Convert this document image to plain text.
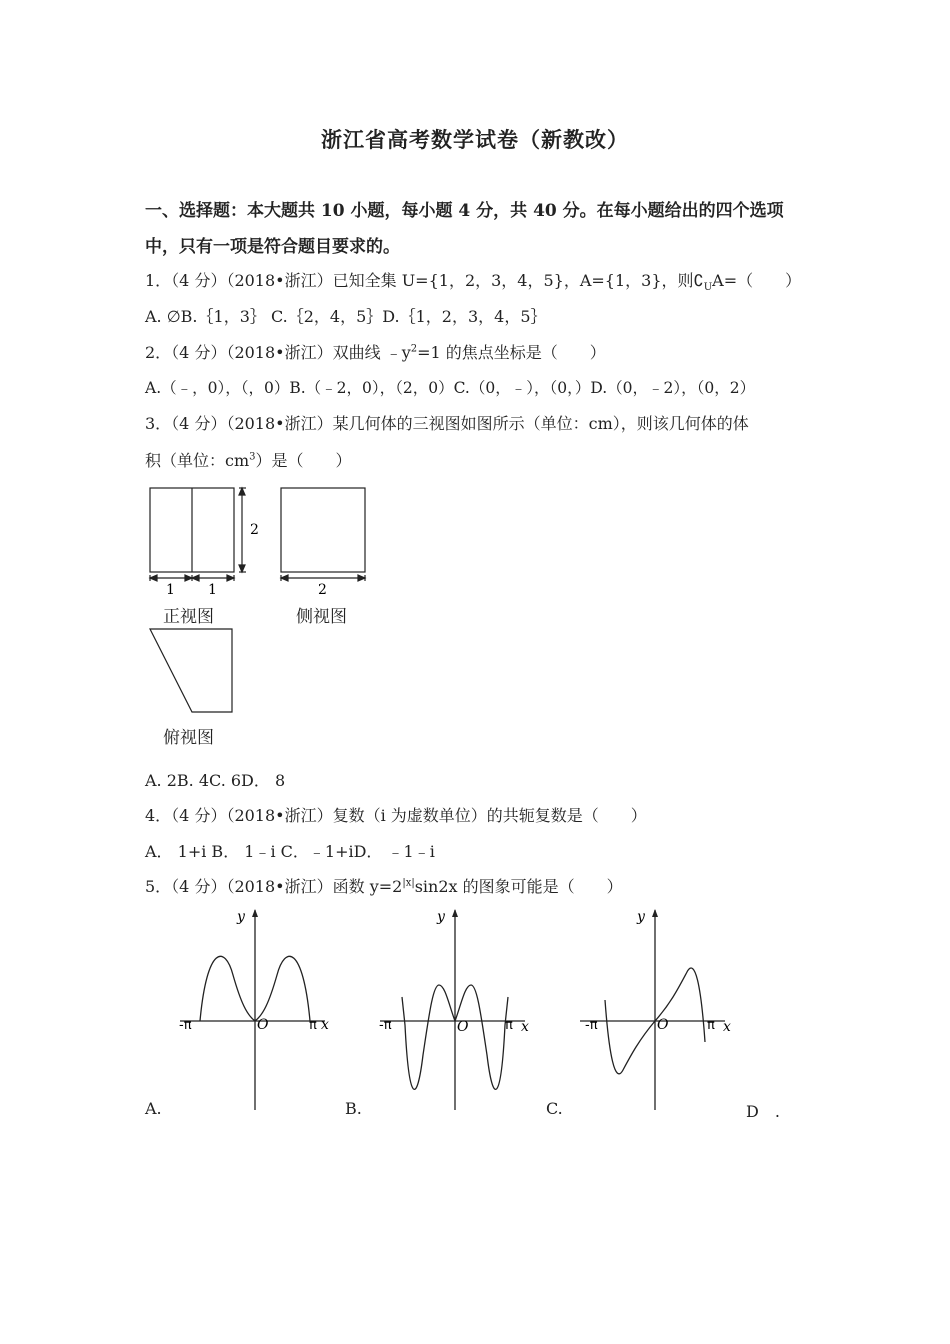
浙江省高考数学试卷（新教改）
一、选择题：本大题共 10 小题，每小题 4 分，共 40 分。在每小题给出的四个选项
中，只有一项是符合题目要求的。
1．（4 分）（2018•浙江）已知全集 U={1，2，3，4，5}，A={1，3}，则$∁_UA=$（　　）
A. ∅B.｛1，3｝ C.｛2，4，5｝D.｛1，2，3，4，5｝
2．（4 分）（2018•浙江）双曲线 $﹣y^2=1$ 的焦点坐标是（　　）
A.（﹣，0），（，0）B.（﹣2，0），（2，0）C.（0，﹣），（0，）D.（0，﹣2），（0，2）
3．（4 分）（2018•浙江）某几何体的三视图如图所示（单位：cm），则该几何体的体
积（单位：$cm^3$）是（　　）
2
1 1	2
正视图	侧视图
俯视图
A. 2B. 4C. 6D． 8
4．（4 分）（2018•浙江）复数（i 为虚数单位）的共轭复数是（　　）
A． 1+i B． 1﹣i C．﹣1+iD． ﹣1﹣i
5．（4 分）（2018•浙江）函数 $y=2^{|x|}\sin 2x$ 的图象可能是（　　）
y
x
O
-π	π
y
x
O
-π	π
y
x
O
-π	π
A.	B.	C.	D　.
